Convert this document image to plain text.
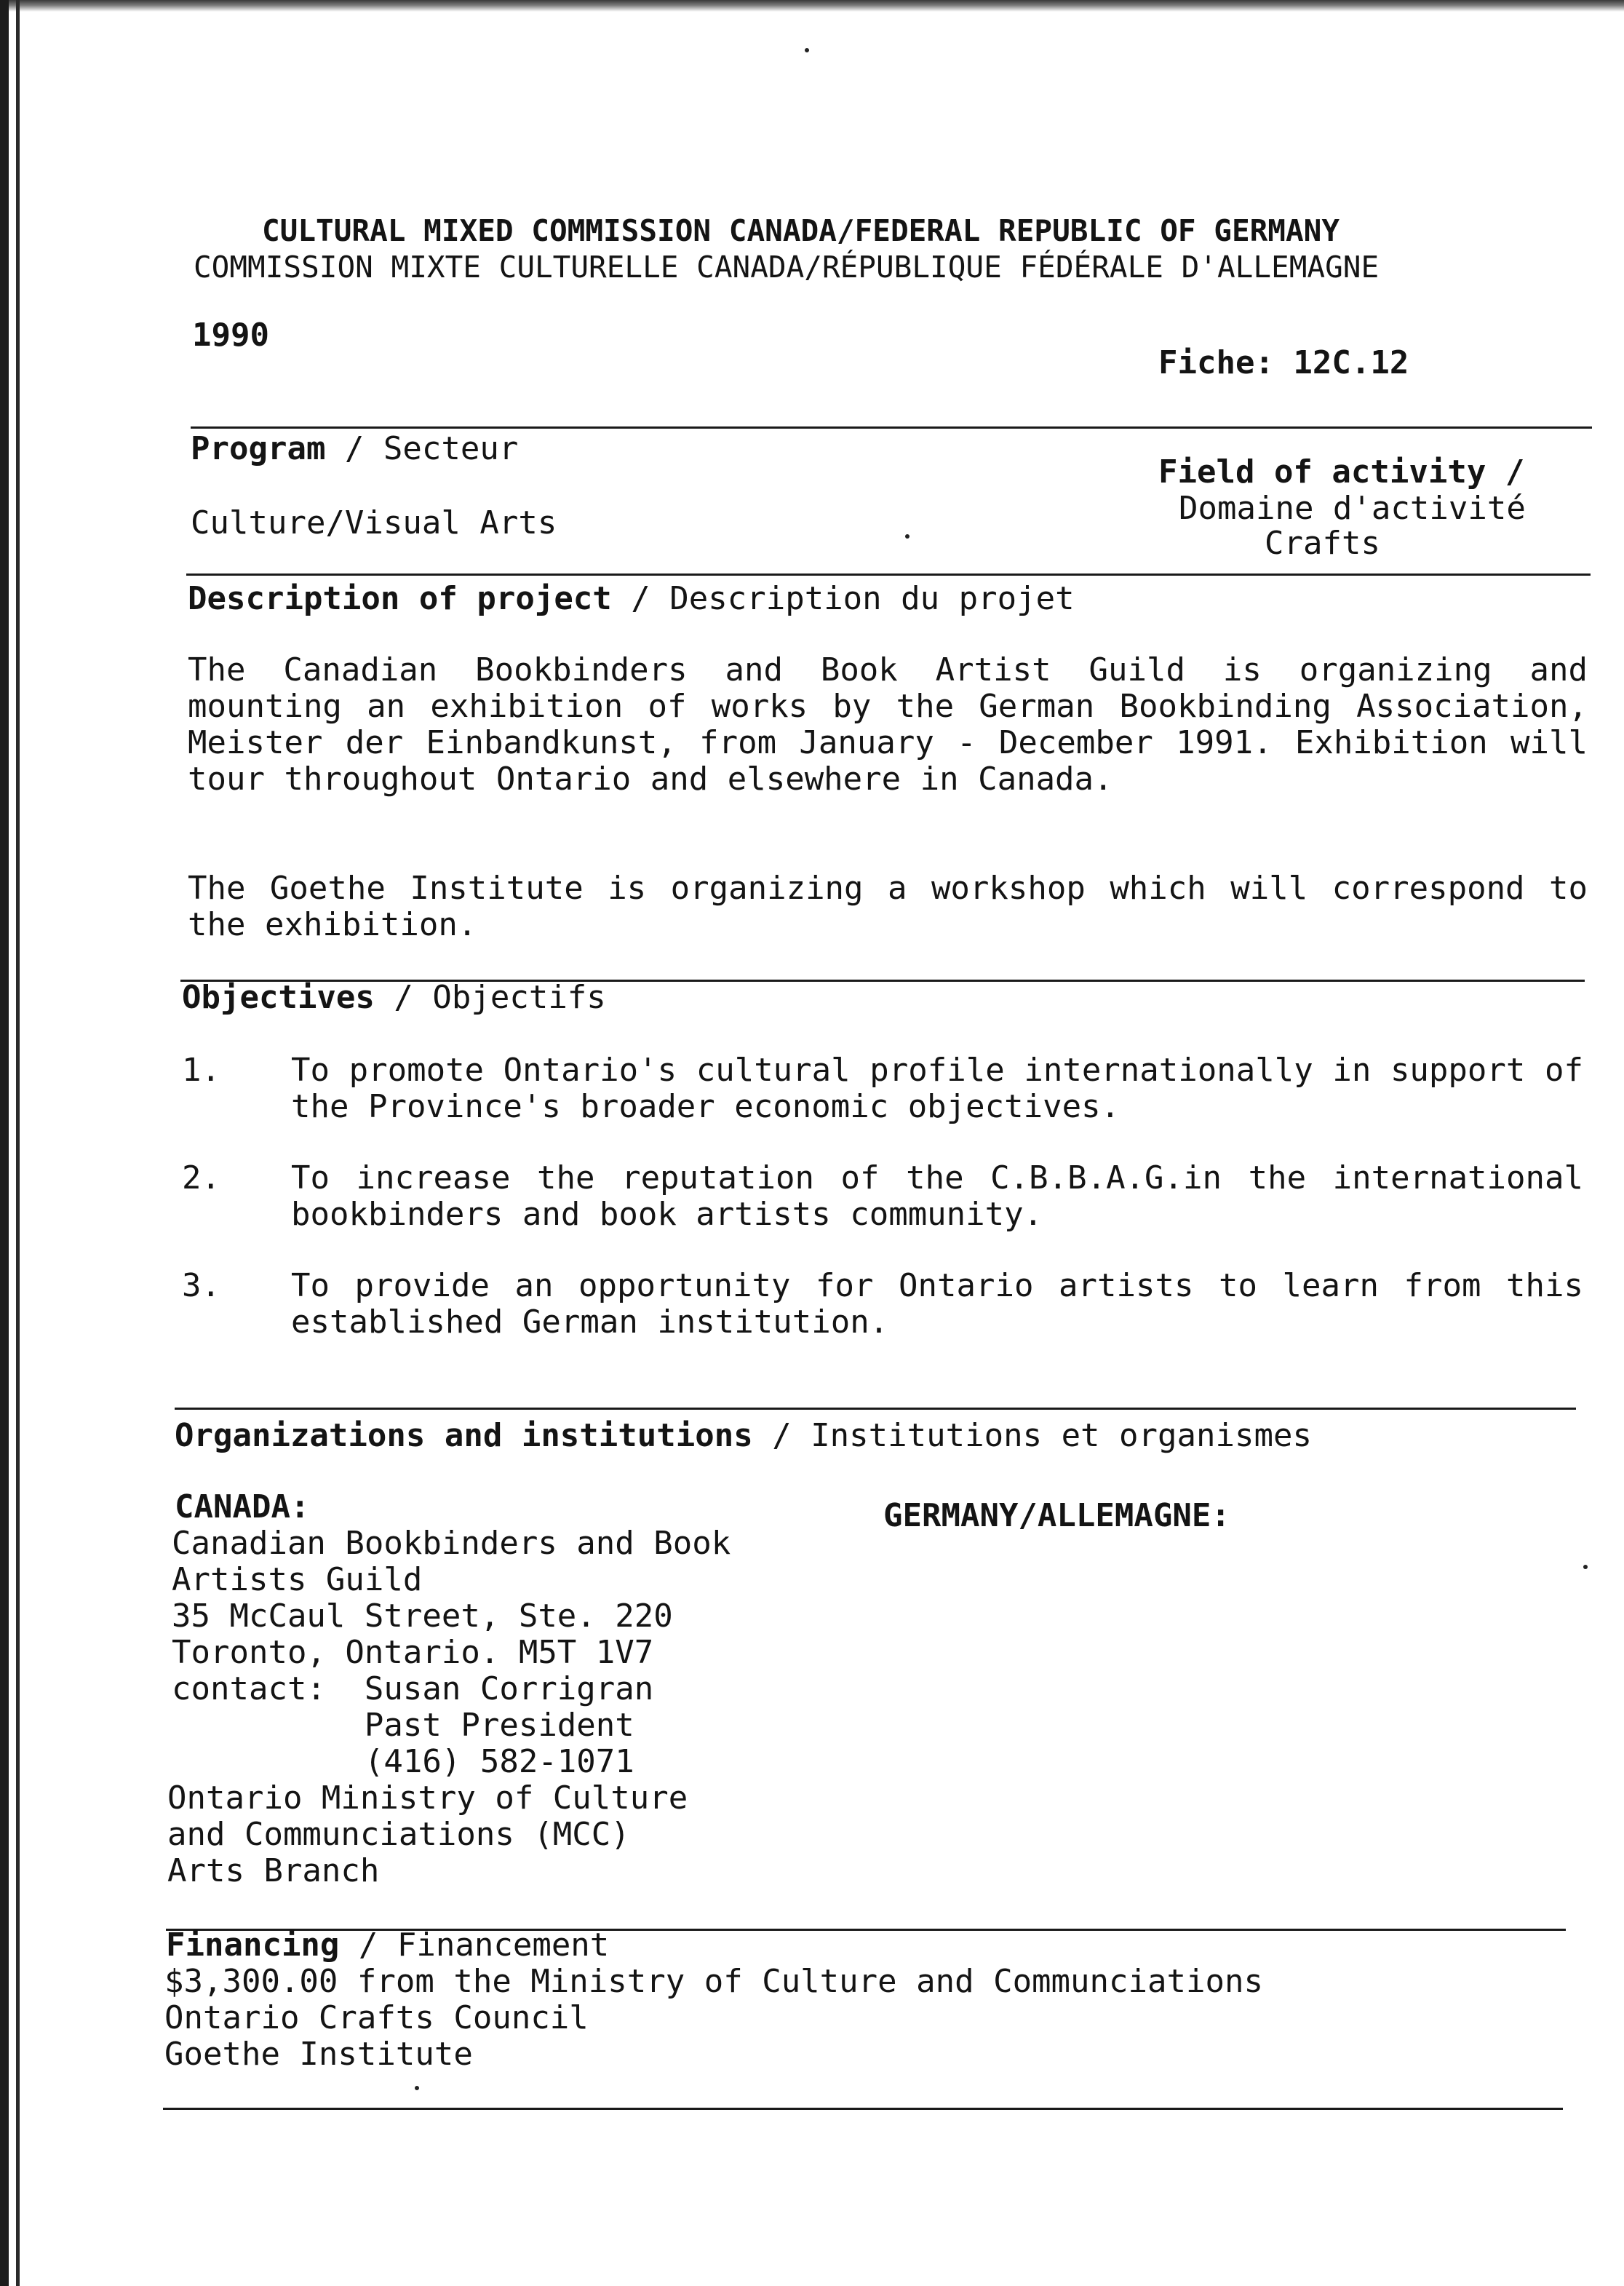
CULTURAL MIXED COMMISSION CANADA/FEDERAL REPUBLIC OF GERMANY
COMMISSION MIXTE CULTURELLE CANADA/RÉPUBLIQUE FÉDÉRALE D'ALLEMAGNE
1990
Fiche: 12C.12
Program / Secteur
Culture/Visual Arts
Field of activity /
Domaine d'activité
Crafts
Description of project / Description du projet

The Canadian Bookbinders and Book Artist Guild is organizing and mounting an exhibition of works by the German Bookbinding Association, Meister der Einbandkunst, from January - December 1991. Exhibition will tour throughout Ontario and elsewhere in Canada.

The Goethe Institute is organizing a workshop which will correspond to the exhibition.

Objectives / Objectifs
1. To promote Ontario's cultural profile internationally in support of the Province's broader economic objectives.

2. To increase the reputation of the C.B.B.A.G.in the international bookbinders and book artists community.

3. To provide an opportunity for Ontario artists to learn from this established German institution.

Organizations and institutions / Institutions et organismes
CANADA:	GERMANY/ALLEMAGNE:
Canadian Bookbinders and Book
Artists Guild
35 McCaul Street, Ste. 220
Toronto, Ontario. M5T 1V7
contact:  Susan Corrigran
Past President
(416) 582-1071
Ontario Ministry of Culture
and Communciations (MCC)
Arts Branch
Financing / Financement
$3,300.00 from the Ministry of Culture and Communciations
Ontario Crafts Council
Goethe Institute
